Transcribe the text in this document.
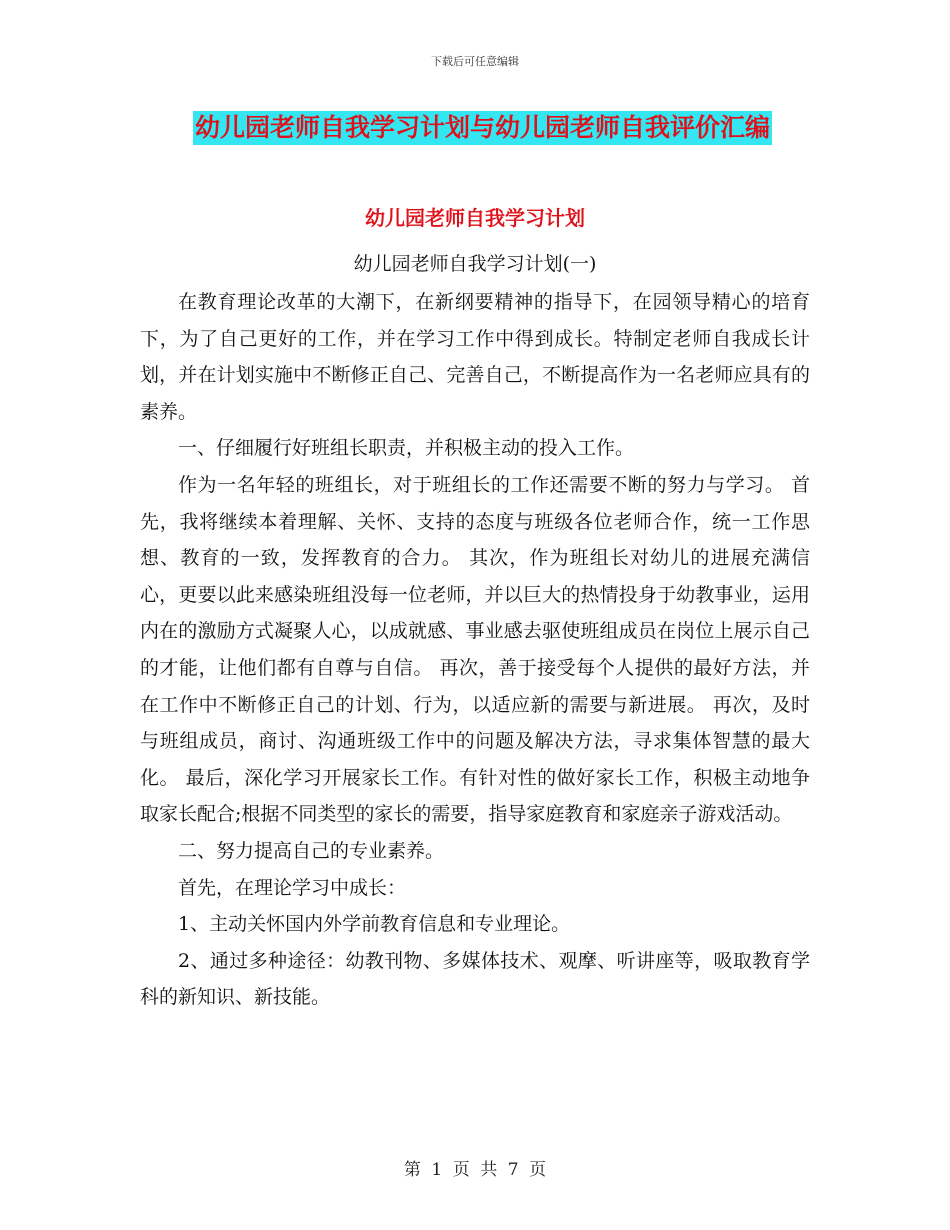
下载后可任意编辑
幼儿园老师自我学习计划与幼儿园老师自我评价汇编
幼儿园老师自我学习计划
幼儿园老师自我学习计划(一)

在教育理论改革的大潮下，在新纲要精神的指导下，在园领导精心的培育下，为了自己更好的工作，并在学习工作中得到成长。特制定老师自我成长计划，并在计划实施中不断修正自己、完善自己，不断提高作为一名老师应具有的素养。

一、仔细履行好班组长职责，并积极主动的投入工作。

作为一名年轻的班组长，对于班组长的工作还需要不断的努力与学习。 首先，我将继续本着理解、关怀、支持的态度与班级各位老师合作，统一工作思想、教育的一致，发挥教育的合力。 其次，作为班组长对幼儿的进展充满信心，更要以此来感染班组没每一位老师，并以巨大的热情投身于幼教事业，运用内在的激励方式凝聚人心，以成就感、事业感去驱使班组成员在岗位上展示自己的才能，让他们都有自尊与自信。 再次，善于接受每个人提供的最好方法，并在工作中不断修正自己的计划、行为，以适应新的需要与新进展。 再次，及时与班组成员，商讨、沟通班级工作中的问题及解决方法，寻求集体智慧的最大化。 最后，深化学习开展家长工作。有针对性的做好家长工作，积极主动地争取家长配合;根据不同类型的家长的需要，指导家庭教育和家庭亲子游戏活动。

二、努力提高自己的专业素养。

首先，在理论学习中成长：

1、主动关怀国内外学前教育信息和专业理论。

2、通过多种途径：幼教刊物、多媒体技术、观摩、听讲座等，吸取教育学科的新知识、新技能。

第 1 页 共 7 页
